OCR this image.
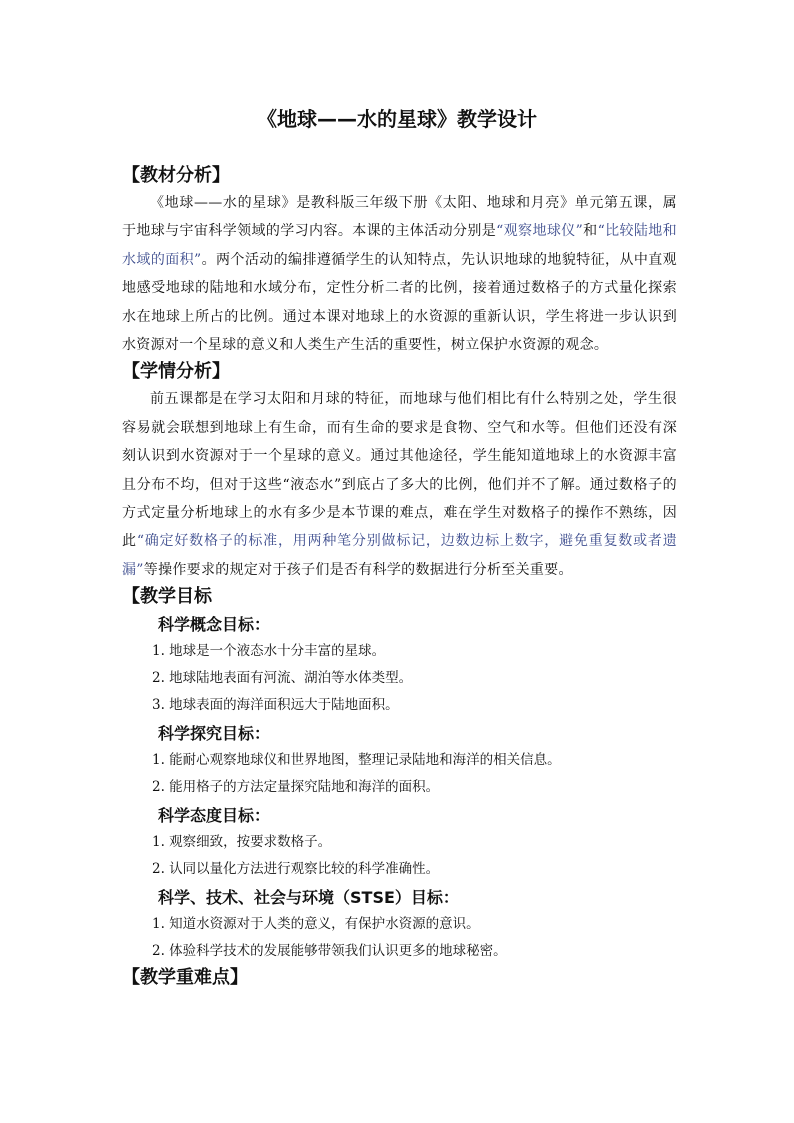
《地球——水的星球》教学设计
【教材分析】

《地球——水的星球》是教科版三年级下册《太阳、地球和月亮》单元第五课，属于地球与宇宙科学领域的学习内容。本课的主体活动分别是“观察地球仪”和“比较陆地和水域的面积”。两个活动的编排遵循学生的认知特点，先认识地球的地貌特征，从中直观地感受地球的陆地和水域分布，定性分析二者的比例，接着通过数格子的方式量化探索水在地球上所占的比例。通过本课对地球上的水资源的重新认识，学生将进一步认识到水资源对一个星球的意义和人类生产生活的重要性，树立保护水资源的观念。

【学情分析】

前五课都是在学习太阳和月球的特征，而地球与他们相比有什么特别之处，学生很容易就会联想到地球上有生命，而有生命的要求是食物、空气和水等。但他们还没有深刻认识到水资源对于一个星球的意义。通过其他途径，学生能知道地球上的水资源丰富且分布不均，但对于这些“液态水”到底占了多大的比例，他们并不了解。通过数格子的方式定量分析地球上的水有多少是本节课的难点，难在学生对数格子的操作不熟练，因此“确定好数格子的标准，用两种笔分别做标记，边数边标上数字，避免重复数或者遗漏”等操作要求的规定对于孩子们是否有科学的数据进行分析至关重要。

【教学目标
科学概念目标：
1. 地球是一个液态水十分丰富的星球。
2. 地球陆地表面有河流、湖泊等水体类型。
3. 地球表面的海洋面积远大于陆地面积。
科学探究目标：
1. 能耐心观察地球仪和世界地图，整理记录陆地和海洋的相关信息。
2. 能用格子的方法定量探究陆地和海洋的面积。
科学态度目标：
1. 观察细致，按要求数格子。
2. 认同以量化方法进行观察比较的科学准确性。
科学、技术、社会与环境（STSE）目标：
1. 知道水资源对于人类的意义，有保护水资源的意识。
2. 体验科学技术的发展能够带领我们认识更多的地球秘密。
【教学重难点】
